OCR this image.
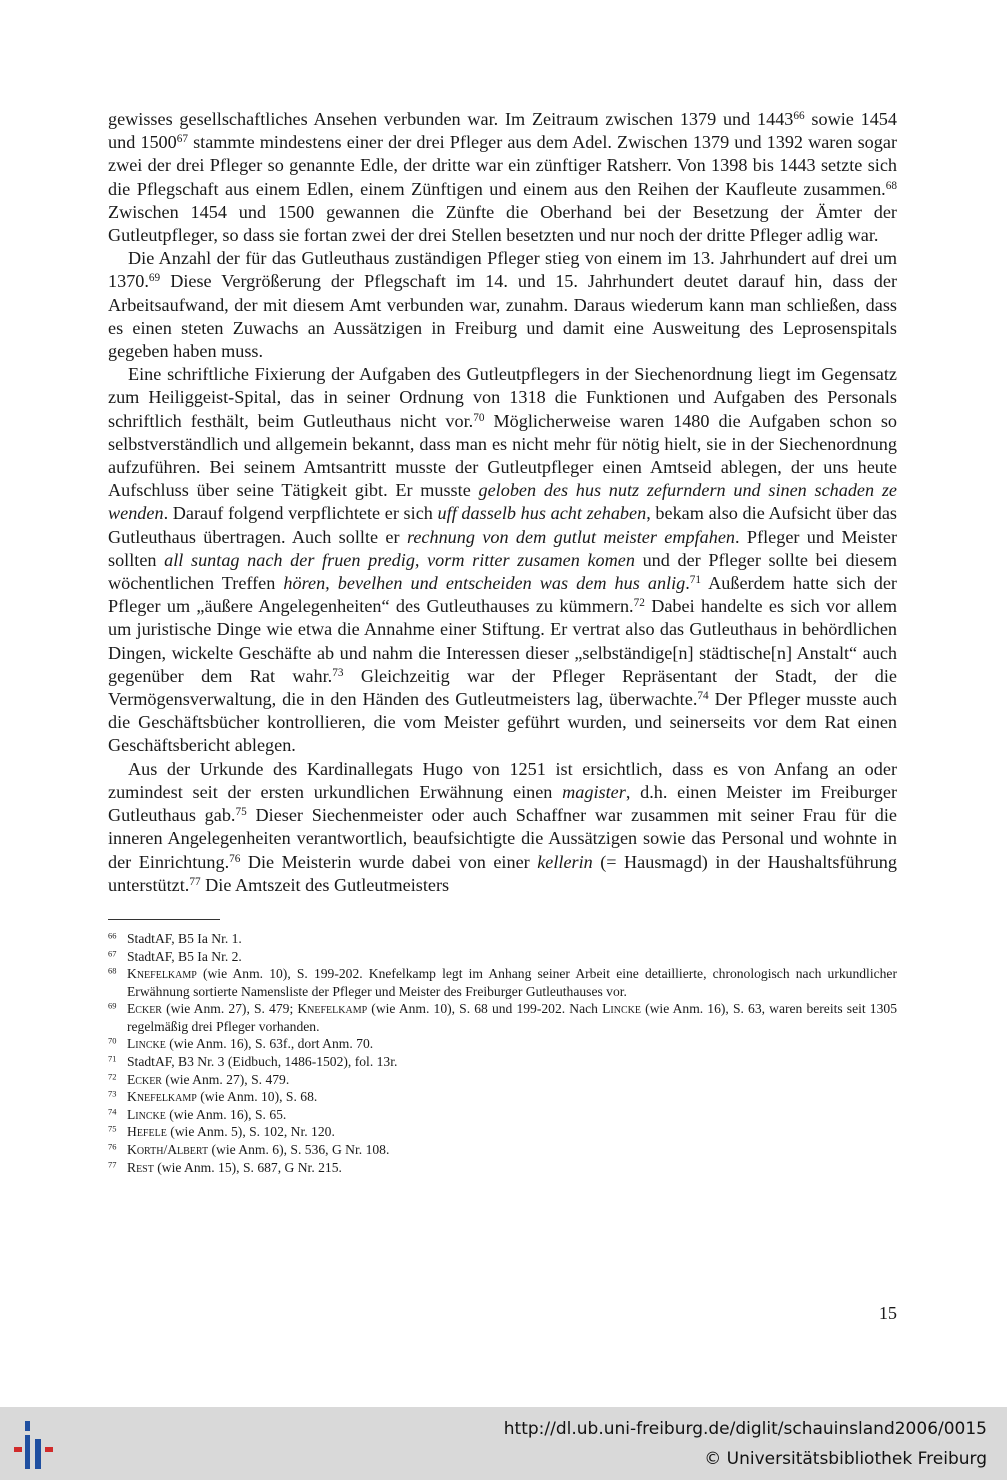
gewisses gesellschaftliches Ansehen verbunden war. Im Zeitraum zwischen 1379 und 1443$^{66}$ sowie 1454 und 1500$^{67}$ stammte mindestens einer der drei Pfleger aus dem Adel. Zwischen 1379 und 1392 waren sogar zwei der drei Pfleger so genannte Edle, der dritte war ein zünftiger Ratsherr. Von 1398 bis 1443 setzte sich die Pflegschaft aus einem Edlen, einem Zünftigen und einem aus den Reihen der Kaufleute zusammen.$^{68}$ Zwischen 1454 und 1500 gewannen die Zünfte die Oberhand bei der Besetzung der Ämter der Gutleutpfleger, so dass sie fortan zwei der drei Stellen besetzten und nur noch der dritte Pfleger adlig war.

Die Anzahl der für das Gutleuthaus zuständigen Pfleger stieg von einem im 13. Jahrhundert auf drei um 1370.69 Diese Vergrößerung der Pflegschaft im 14. und 15. Jahrhundert deutet darauf hin, dass der Arbeitsaufwand, der mit diesem Amt verbunden war, zunahm. Daraus wiederum kann man schließen, dass es einen steten Zuwachs an Aussätzigen in Freiburg und damit eine Ausweitung des Leprosenspitals gegeben haben muss.

Eine schriftliche Fixierung der Aufgaben des Gutleutpflegers in der Siechenordnung liegt im Gegensatz zum Heiliggeist-Spital, das in seiner Ordnung von 1318 die Funktionen und Aufgaben des Personals schriftlich festhält, beim Gutleuthaus nicht vor.$^{70}$ Möglicherweise waren 1480 die Aufgaben schon so selbstverständlich und allgemein bekannt, dass man es nicht mehr für nötig hielt, sie in der Siechenordnung aufzuführen. Bei seinem Amtsantritt musste der Gutleutpfleger einen Amtseid ablegen, der uns heute Aufschluss über seine Tätigkeit gibt. Er musste geloben des hus nutz zefurndern und sinen schaden ze wenden. Darauf folgend verpflichtete er sich uff dasselb hus acht zehaben, bekam also die Aufsicht über das Gutleuthaus übertragen. Auch sollte er rechnung von dem gutlut meister empfahen. Pfleger und Meister sollten all suntag nach der fruen predig, vorm ritter zusamen komen und der Pfleger sollte bei diesem wöchentlichen Treffen hören, bevelhen und entscheiden was dem hus anlig.$^{71}$ Außerdem hatte sich der Pfleger um „äußere Angelegenheiten“ des Gutleuthauses zu kümmern.$^{72}$ Dabei handelte es sich vor allem um juristische Dinge wie etwa die Annahme einer Stiftung. Er vertrat also das Gutleuthaus in behördlichen Dingen, wickelte Geschäfte ab und nahm die Interessen dieser „selbständige[n] städtische[n] Anstalt“ auch gegenüber dem Rat wahr.$^{73}$ Gleichzeitig war der Pfleger Repräsentant der Stadt, der die Vermögensverwaltung, die in den Händen des Gutleutmeisters lag, überwachte.$^{74}$ Der Pfleger musste auch die Geschäftsbücher kontrollieren, die vom Meister geführt wurden, und seinerseits vor dem Rat einen Geschäftsbericht ablegen.

Aus der Urkunde des Kardinallegats Hugo von 1251 ist ersichtlich, dass es von Anfang an oder zumindest seit der ersten urkundlichen Erwähnung einen magister, d.h. einen Meister im Freiburger Gutleuthaus gab.$^{75}$ Dieser Siechenmeister oder auch Schaffner war zusammen mit seiner Frau für die inneren Angelegenheiten verantwortlich, beaufsichtigte die Aussätzigen sowie das Personal und wohnte in der Einrichtung.$^{76}$ Die Meisterin wurde dabei von einer kellerin (= Hausmagd) in der Haushaltsführung unterstützt.$^{77}$ Die Amtszeit des Gutleutmeisters

$^{66}$ StadtAF, B5 Ia Nr. 1.
$^{67}$ StadtAF, B5 Ia Nr. 2.
$^{68}$ Knefelkamp (wie Anm. 10), S. 199-202. Knefelkamp legt im Anhang seiner Arbeit eine detaillierte, chronologisch nach urkundlicher Erwähnung sortierte Namensliste der Pfleger und Meister des Freiburger Gutleuthauses vor.
$^{69}$ Ecker (wie Anm. 27), S. 479; Knefelkamp (wie Anm. 10), S. 68 und 199-202. Nach Lincke (wie Anm. 16), S. 63, waren bereits seit 1305 regelmäßig drei Pfleger vorhanden.
$^{70}$ Lincke (wie Anm. 16), S. 63f., dort Anm. 70.
$^{71}$ StadtAF, B3 Nr. 3 (Eidbuch, 1486-1502), fol. 13r.
$^{72}$ Ecker (wie Anm. 27), S. 479.
$^{73}$ Knefelkamp (wie Anm. 10), S. 68.
$^{74}$ Lincke (wie Anm. 16), S. 65.
$^{75}$ Hefele (wie Anm. 5), S. 102, Nr. 120.
$^{76}$ Korth/Albert (wie Anm. 6), S. 536, G Nr. 108.
$^{77}$ Rest (wie Anm. 15), S. 687, G Nr. 215.
15
http://dl.ub.uni-freiburg.de/diglit/schauinsland2006/0015
© Universitätsbibliothek Freiburg
